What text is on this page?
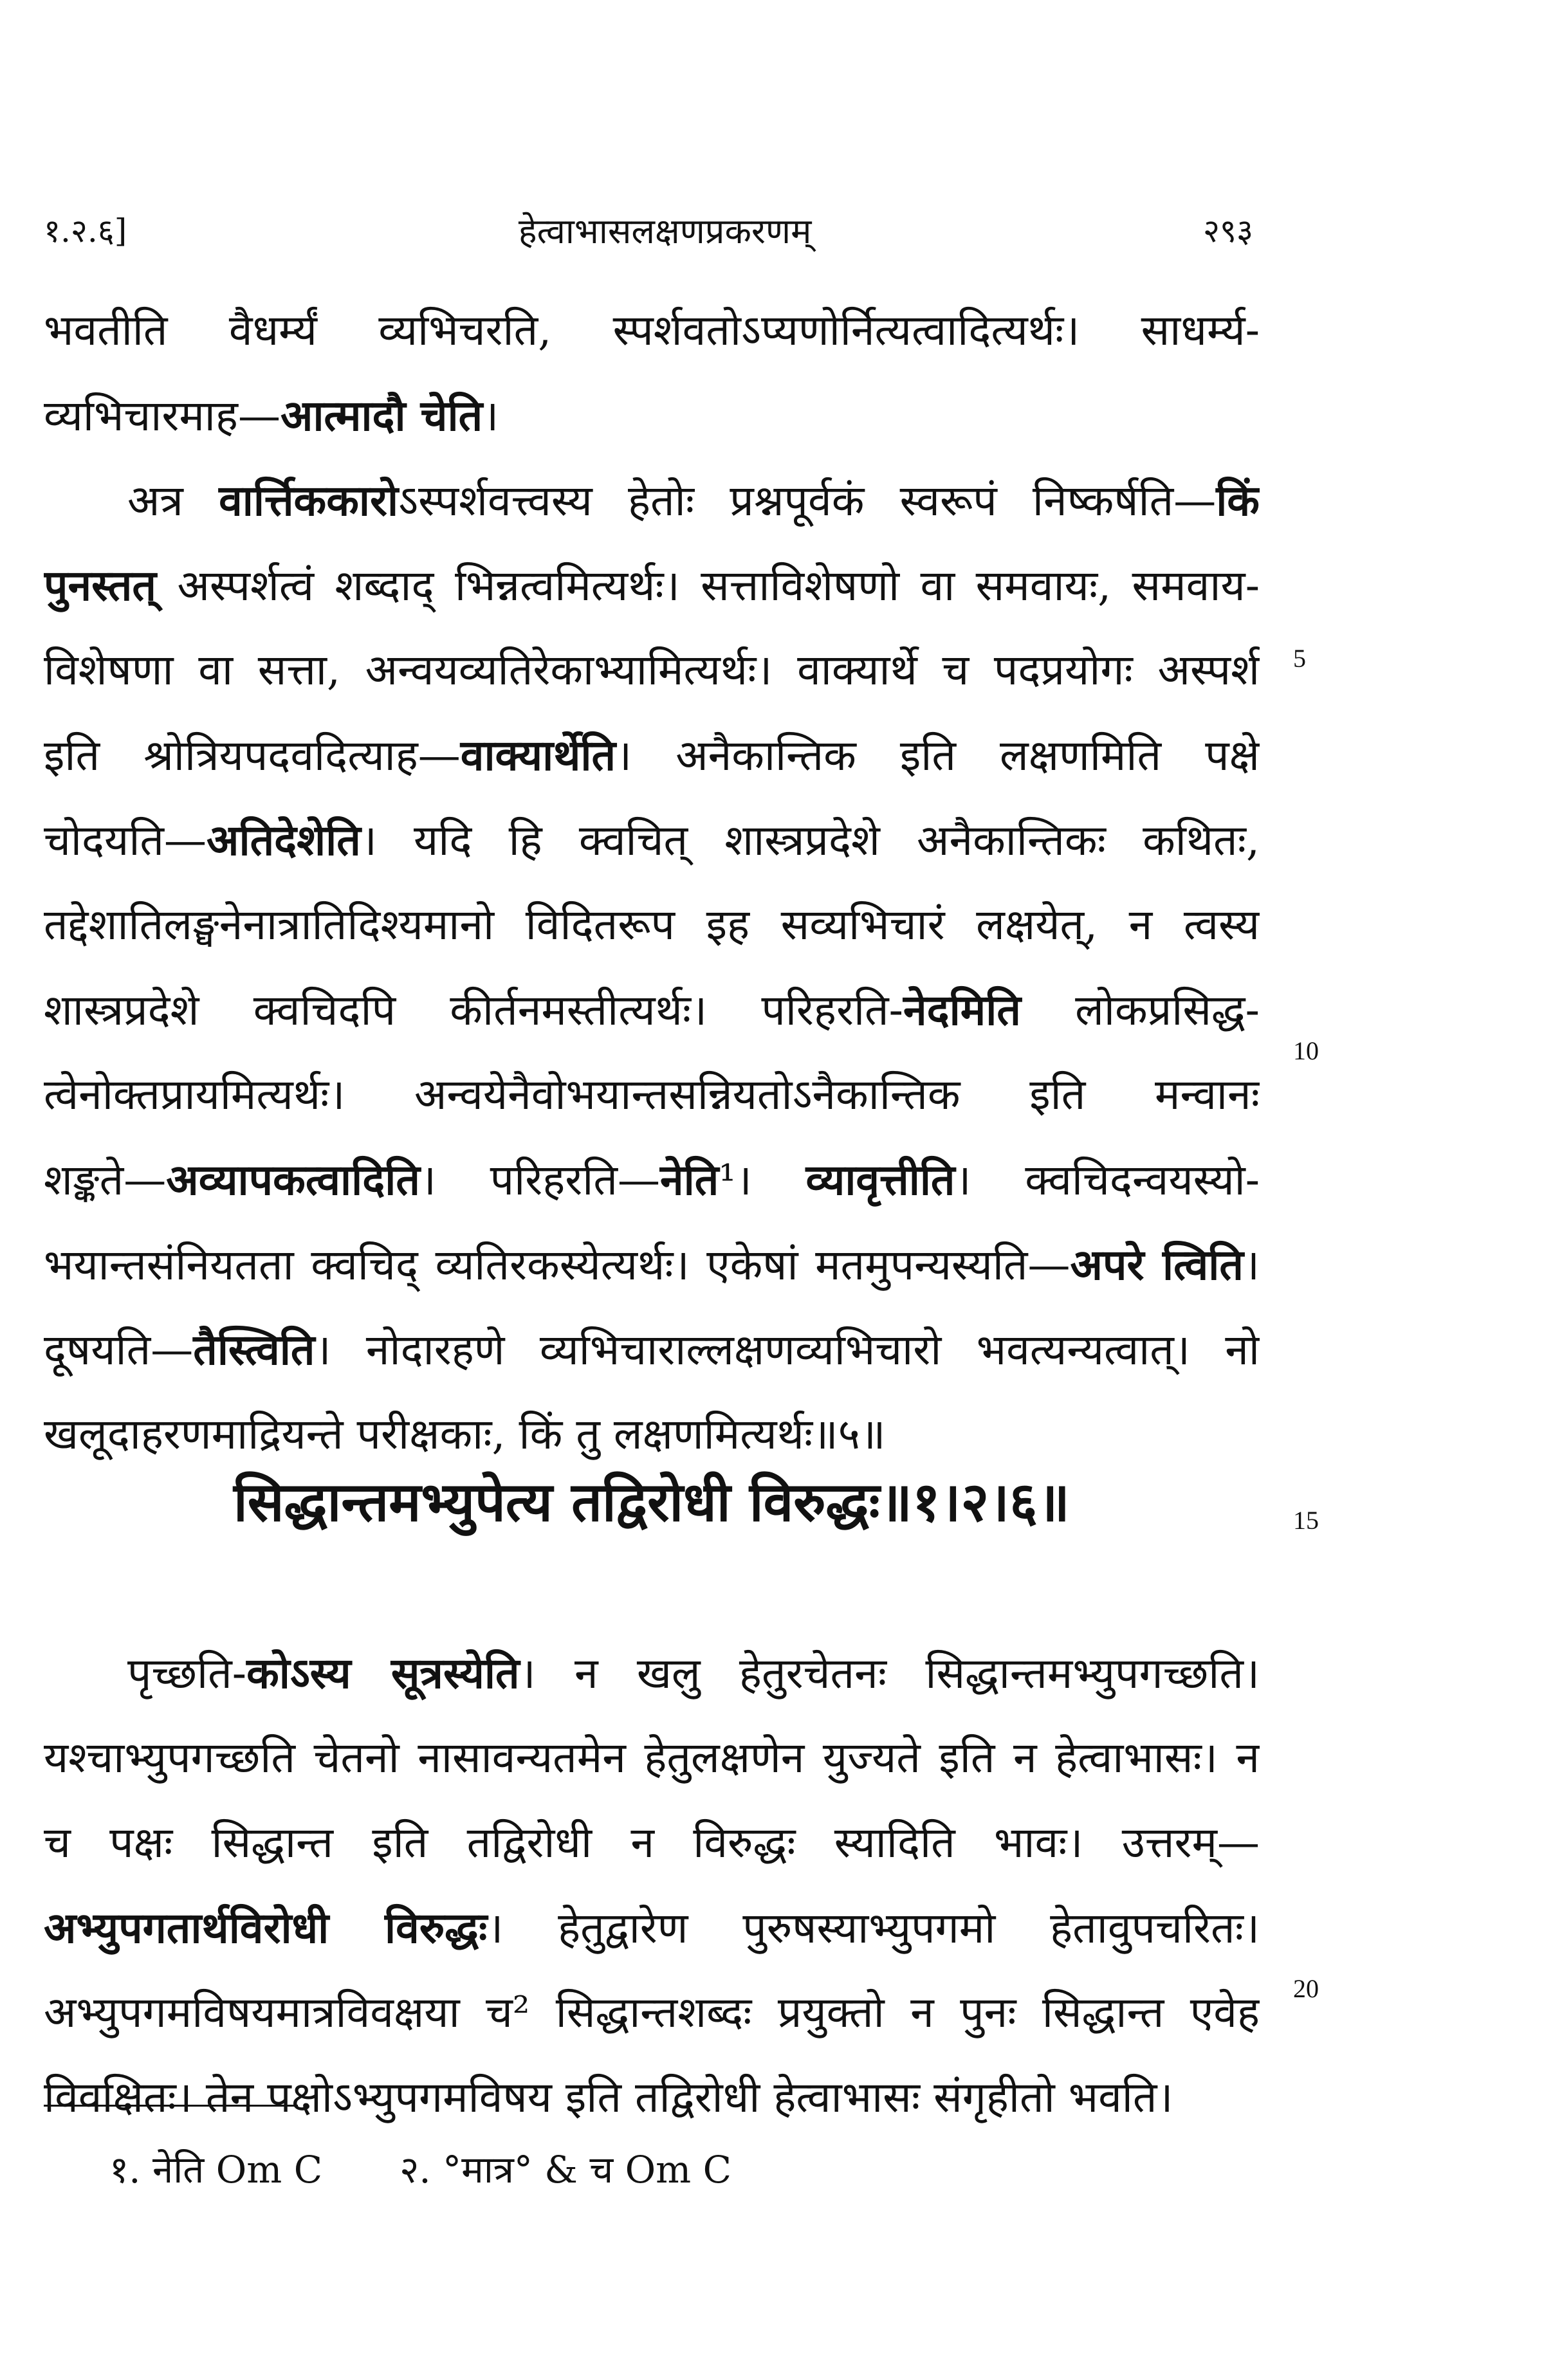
१.२.६]	हेत्वाभासलक्षणप्रकरणम्	२९३
भवतीति वैधर्म्यं व्यभिचरति, स्पर्शवतोऽप्यणोर्नित्यत्वादित्यर्थः। साधर्म्य-
व्यभिचारमाह—आत्मादौ चेति।
अत्र वार्त्तिककारोऽस्पर्शवत्त्वस्य हेतोः प्रश्नपूर्वकं स्वरूपं निष्कर्षति—किं
पुनस्तत् अस्पर्शत्वं शब्दाद् भिन्नत्वमित्यर्थः। सत्ताविशेषणो वा समवायः, समवाय-
विशेषणा वा सत्ता, अन्वयव्यतिरेकाभ्यामित्यर्थः। वाक्यार्थे च पदप्रयोगः अस्पर्श
इति श्रोत्रियपदवदित्याह—वाक्यार्थेति। अनैकान्तिक इति लक्षणमिति पक्षे
चोदयति—अतिदेशेति। यदि हि क्वचित् शास्त्रप्रदेशे अनैकान्तिकः कथितः,
तद्देशातिलङ्घनेनात्रातिदिश्यमानो विदितरूप इह सव्यभिचारं लक्षयेत्, न त्वस्य
शास्त्रप्रदेशे क्वचिदपि कीर्तनमस्तीत्यर्थः। परिहरति-नेदमिति लोकप्रसिद्ध-
त्वेनोक्तप्रायमित्यर्थः। अन्वयेनैवोभयान्तसन्नियतोऽनैकान्तिक इति मन्वानः
शङ्कते—अव्यापकत्वादिति। परिहरति—नेति¹। व्यावृत्तीति। क्वचिदन्वयस्यो-
भयान्तसंनियतता क्वचिद् व्यतिरकस्येत्यर्थः। एकेषां मतमुपन्यस्यति—अपरे त्विति।
दूषयति—तैस्त्विति। नोदारहणे व्यभिचाराल्लक्षणव्यभिचारो भवत्यन्यत्वात्। नो
खलूदाहरणमाद्रियन्ते परीक्षकाः, किं तु लक्षणमित्यर्थः॥५॥
सिद्धान्तमभ्युपेत्य तद्विरोधी विरुद्धः॥१।२।६॥
पृच्छति-कोऽस्य सूत्रस्येति। न खलु हेतुरचेतनः सिद्धान्तमभ्युपगच्छति।
यश्चाभ्युपगच्छति चेतनो नासावन्यतमेन हेतुलक्षणेन युज्यते इति न हेत्वाभासः। न
च पक्षः सिद्धान्त इति तद्विरोधी न विरुद्धः स्यादिति भावः। उत्तरम्—
अभ्युपगतार्थविरोधी विरुद्धः। हेतुद्वारेण पुरुषस्याभ्युपगमो हेतावुपचरितः।
अभ्युपगमविषयमात्रविवक्षया च² सिद्धान्तशब्दः प्रयुक्तो न पुनः सिद्धान्त एवेह
विवक्षितः। तेन पक्षोऽभ्युपगमविषय इति तद्विरोधी हेत्वाभासः संगृहीतो भवति।
5
10
15
20
१. नेति Om C २. °मात्र° & च Om C
